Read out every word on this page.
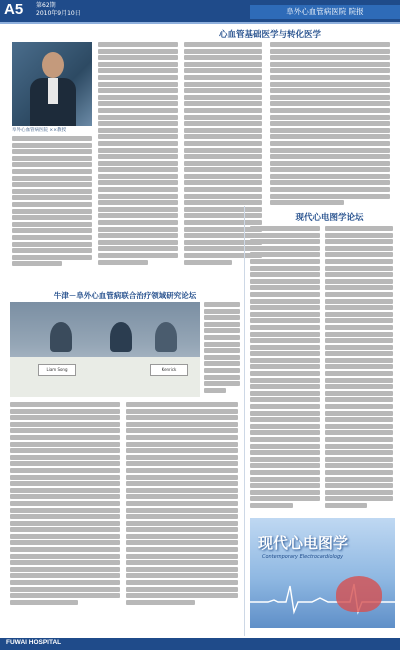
A5 第62期
2010年9月10日	阜外心血管病医院 院报
心血管基础医学与转化医学
阜外心血管病医院 ××教授
牛津－阜外心血管病联合治疗领域研究论坛
Liam Song	Kenrick
现代心电图学论坛
现代心电图学
Contemporary Electrocardiology
FUWAI HOSPITAL
